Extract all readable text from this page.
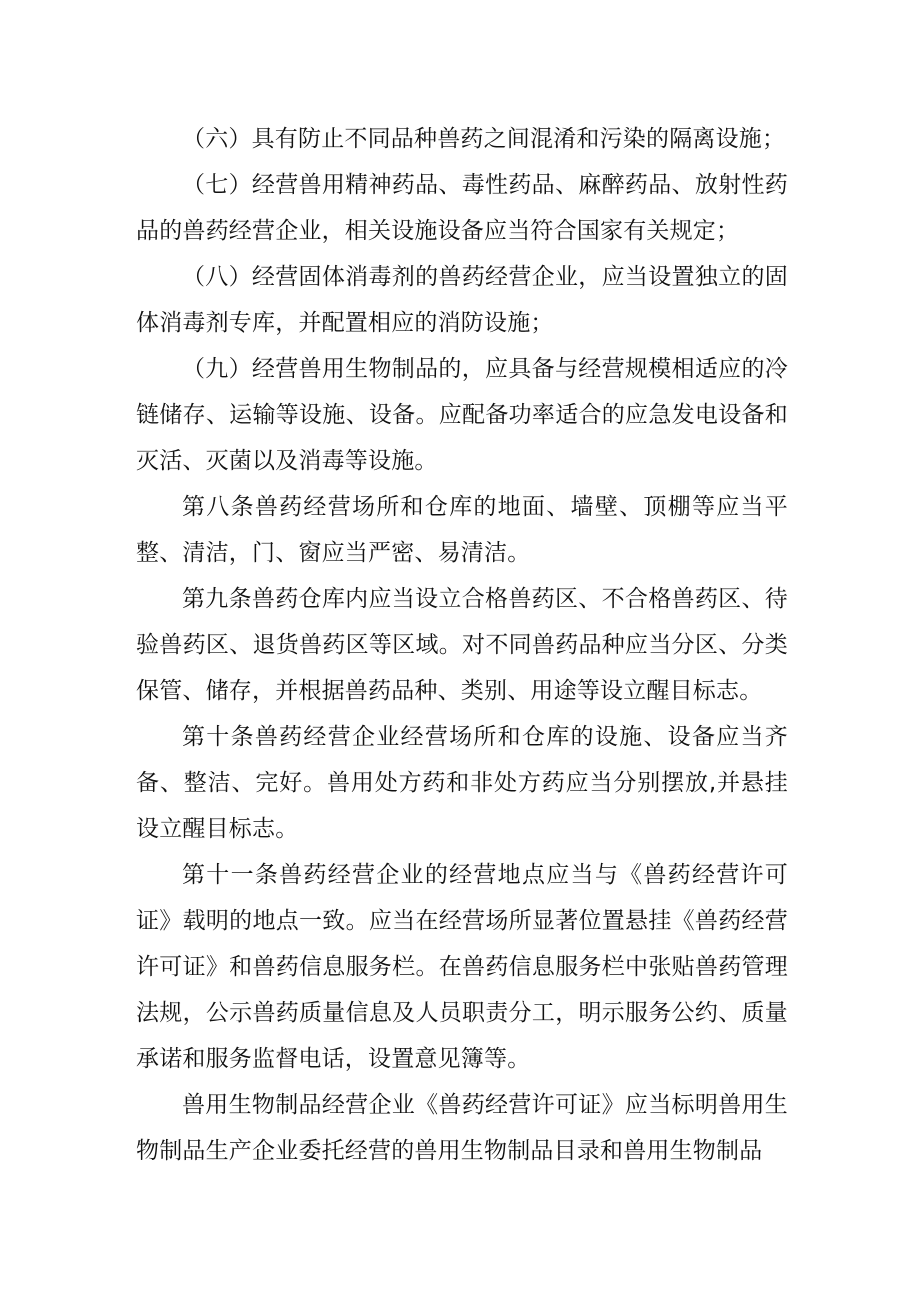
（六）具有防止不同品种兽药之间混淆和污染的隔离设施；

（七）经营兽用精神药品、毒性药品、麻醉药品、放射性药品的兽药经营企业，相关设施设备应当符合国家有关规定；

（八）经营固体消毒剂的兽药经营企业，应当设置独立的固体消毒剂专库，并配置相应的消防设施；

（九）经营兽用生物制品的，应具备与经营规模相适应的冷链储存、运输等设施、设备。应配备功率适合的应急发电设备和灭活、灭菌以及消毒等设施。

第八条兽药经营场所和仓库的地面、墙壁、顶棚等应当平整、清洁，门、窗应当严密、易清洁。

第九条兽药仓库内应当设立合格兽药区、不合格兽药区、待验兽药区、退货兽药区等区域。对不同兽药品种应当分区、分类保管、储存，并根据兽药品种、类别、用途等设立醒目标志。

第十条兽药经营企业经营场所和仓库的设施、设备应当齐备、整洁、完好。兽用处方药和非处方药应当分别摆放,并悬挂设立醒目标志。

第十一条兽药经营企业的经营地点应当与《兽药经营许可证》载明的地点一致。应当在经营场所显著位置悬挂《兽药经营许可证》和兽药信息服务栏。在兽药信息服务栏中张贴兽药管理法规，公示兽药质量信息及人员职责分工，明示服务公约、质量承诺和服务监督电话，设置意见簿等。

兽用生物制品经营企业《兽药经营许可证》应当标明兽用生物制品生产企业委托经营的兽用生物制品目录和兽用生物制品
